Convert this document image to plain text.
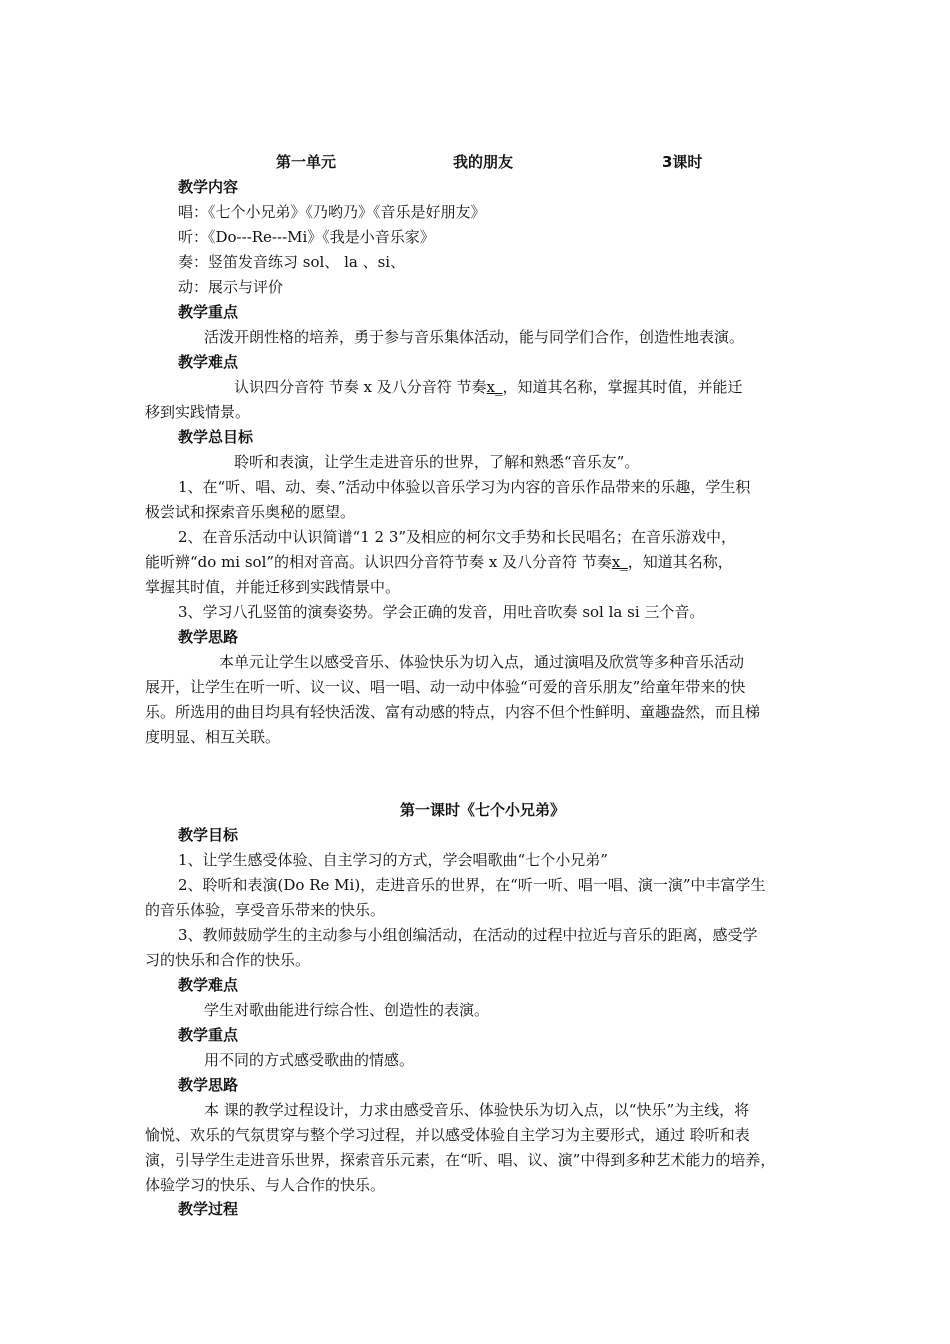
第一单元	我的朋友	3课时
教学内容
唱：《七个小兄弟》《乃哟乃》《音乐是好朋友》
听：《Do---Re---Mi》《我是小音乐家》
奏：竖笛发音练习 sol、 la 、si、
动：展示与评价
教学重点
活泼开朗性格的培养，勇于参与音乐集体活动，能与同学们合作，创造性地表演。
教学难点
认识四分音符 节奏 x 及八分音符 节奏x_，知道其名称，掌握其时值，并能迁
移到实践情景。
教学总目标
聆听和表演，让学生走进音乐的世界，了解和熟悉“音乐友”。
1、在“听、唱、动、奏、”活动中体验以音乐学习为内容的音乐作品带来的乐趣，学生积
极尝试和探索音乐奥秘的愿望。
2、在音乐活动中认识简谱“1 2 3”及相应的柯尔文手势和长民唱名；在音乐游戏中，
能听辨“do mi sol”的相对音高。认识四分音符节奏 x 及八分音符 节奏x_，知道其名称，
掌握其时值，并能迁移到实践情景中。
3、学习八孔竖笛的演奏姿势。学会正确的发音，用吐音吹奏 sol la si 三个音。
教学思路
本单元让学生以感受音乐、体验快乐为切入点，通过演唱及欣赏等多种音乐活动
展开，让学生在听一听、议一议、唱一唱、动一动中体验“可爱的音乐朋友”给童年带来的快
乐。所选用的曲目均具有轻快活泼、富有动感的特点，内容不但个性鲜明、童趣盎然，而且梯
度明显、相互关联。
第一课时《七个小兄弟》
教学目标
1、让学生感受体验、自主学习的方式，学会唱歌曲“七个小兄弟”
2、聆听和表演(Do Re Mi)，走进音乐的世界，在“听一听、唱一唱、演一演”中丰富学生
的音乐体验，享受音乐带来的快乐。
3、教师鼓励学生的主动参与小组创编活动，在活动的过程中拉近与音乐的距离，感受学
习的快乐和合作的快乐。
教学难点
学生对歌曲能进行综合性、创造性的表演。
教学重点
用不同的方式感受歌曲的情感。
教学思路
本 课的教学过程设计，力求由感受音乐、体验快乐为切入点，以“快乐”为主线，将
愉悦、欢乐的气氛贯穿与整个学习过程，并以感受体验自主学习为主要形式，通过 聆听和表
演，引导学生走进音乐世界，探索音乐元素，在“听、唱、议、演”中得到多种艺术能力的培养，
体验学习的快乐、与人合作的快乐。
教学过程
